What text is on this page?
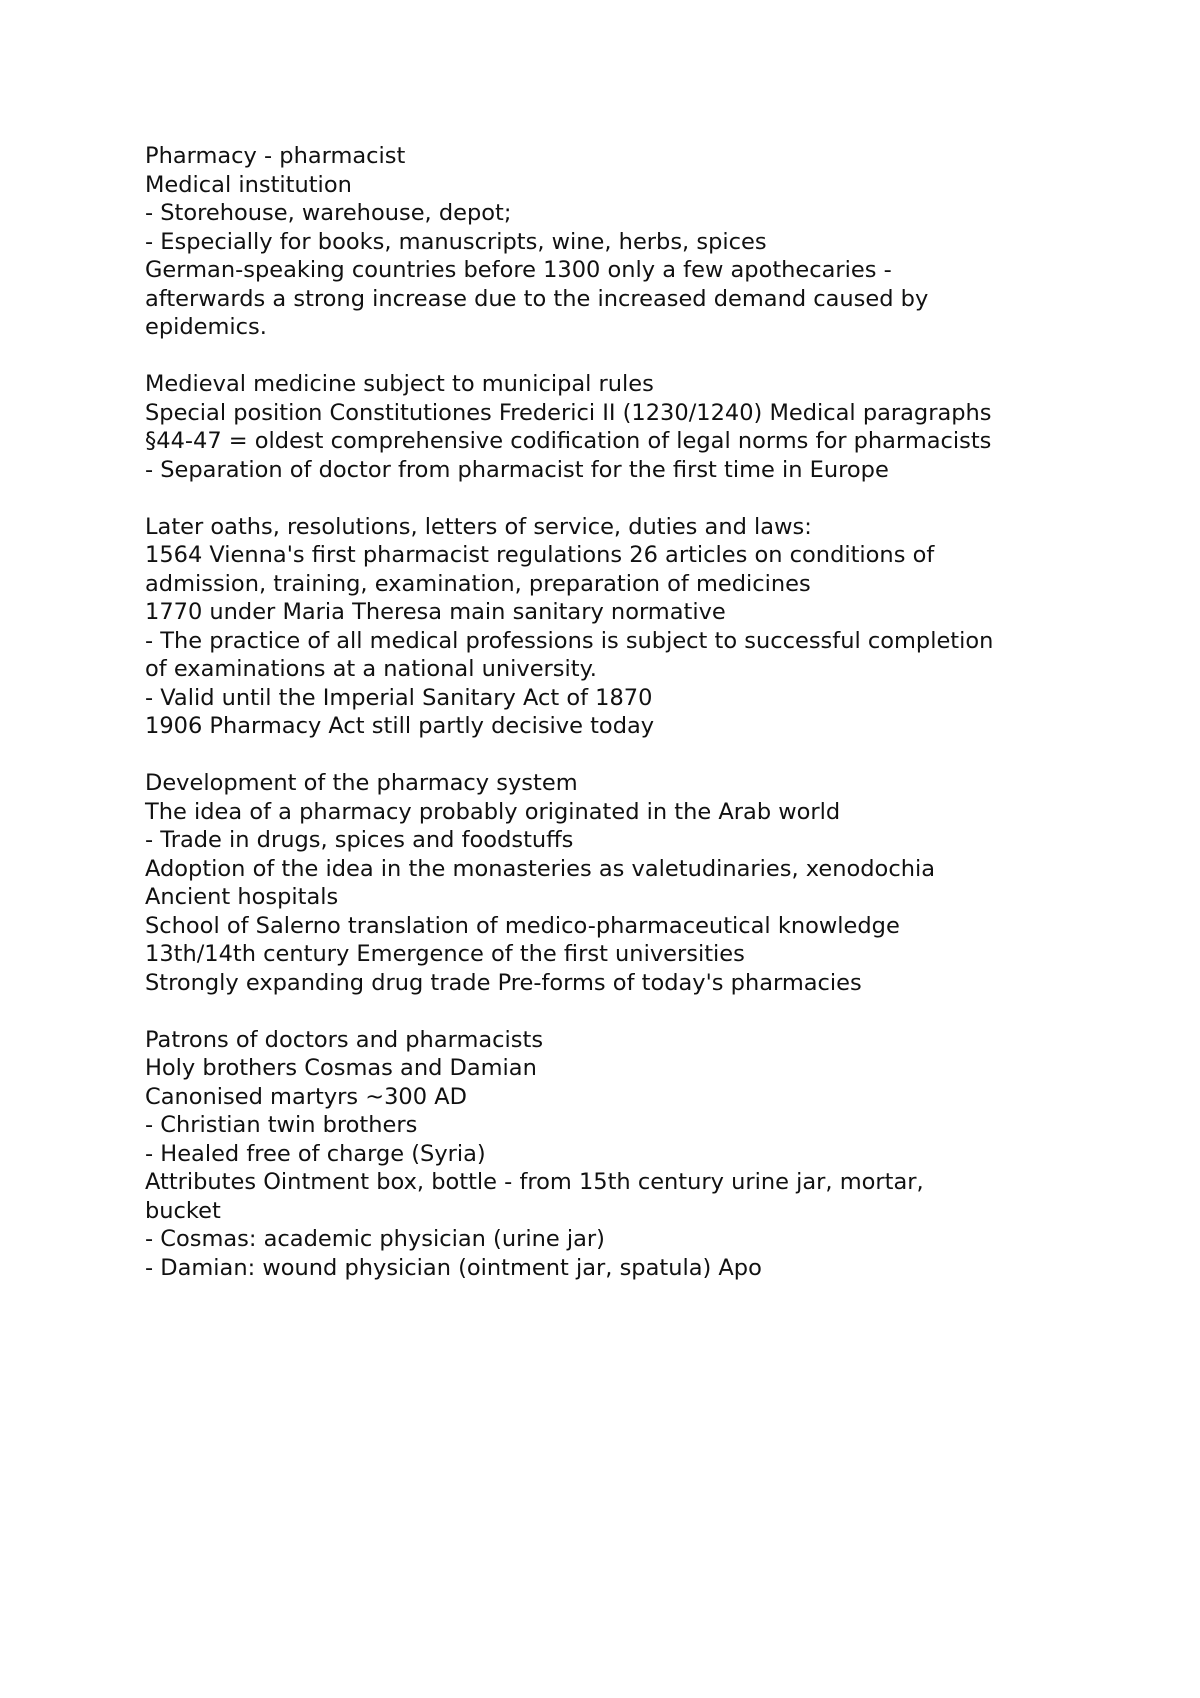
Pharmacy - pharmacist
Medical institution
- Storehouse, warehouse, depot;
- Especially for books, manuscripts, wine, herbs, spices
German-speaking countries before 1300 only a few apothecaries -
afterwards a strong increase due to the increased demand caused by
epidemics.
Medieval medicine subject to municipal rules
Special position Constitutiones Frederici II (1230/1240) Medical paragraphs
§44-47 = oldest comprehensive codification of legal norms for pharmacists
- Separation of doctor from pharmacist for the first time in Europe
Later oaths, resolutions, letters of service, duties and laws:
1564 Vienna's first pharmacist regulations 26 articles on conditions of
admission, training, examination, preparation of medicines
1770 under Maria Theresa main sanitary normative
- The practice of all medical professions is subject to successful completion
of examinations at a national university.
- Valid until the Imperial Sanitary Act of 1870
1906 Pharmacy Act still partly decisive today
Development of the pharmacy system
The idea of a pharmacy probably originated in the Arab world
- Trade in drugs, spices and foodstuffs
Adoption of the idea in the monasteries as valetudinaries, xenodochia
Ancient hospitals
School of Salerno translation of medico-pharmaceutical knowledge
13th/14th century Emergence of the first universities
Strongly expanding drug trade Pre-forms of today's pharmacies
Patrons of doctors and pharmacists
Holy brothers Cosmas and Damian
Canonised martyrs ~300 AD
- Christian twin brothers
- Healed free of charge (Syria)
Attributes Ointment box, bottle - from 15th century urine jar, mortar,
bucket
- Cosmas: academic physician (urine jar)
- Damian: wound physician (ointment jar, spatula) Apo
